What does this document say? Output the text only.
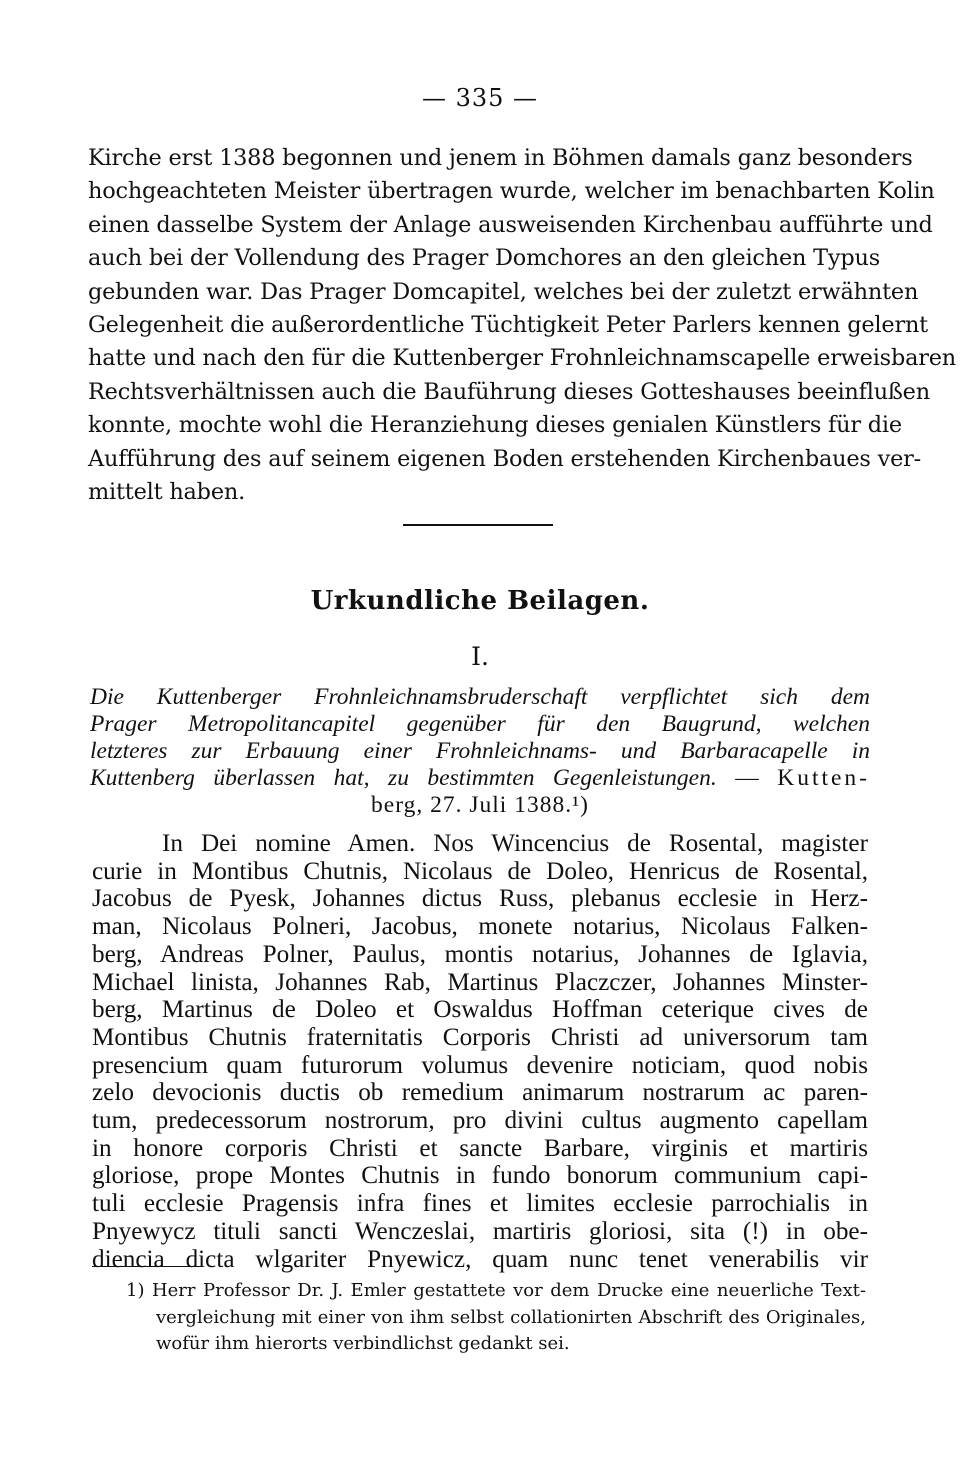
— 335 —
Kirche erst 1388 begonnen und jenem in Böhmen damals ganz besonders
hochgeachteten Meister übertragen wurde, welcher im benachbarten Kolin
einen dasselbe System der Anlage ausweisenden Kirchenbau aufführte und
auch bei der Vollendung des Prager Domchores an den gleichen Typus
gebunden war. Das Prager Domcapitel, welches bei der zuletzt erwähnten
Gelegenheit die außerordentliche Tüchtigkeit Peter Parlers kennen gelernt
hatte und nach den für die Kuttenberger Frohnleichnamscapelle erweisbaren
Rechtsverhältnissen auch die Bauführung dieses Gotteshauses beeinflußen
konnte, mochte wohl die Heranziehung dieses genialen Künstlers für die
Aufführung des auf seinem eigenen Boden erstehenden Kirchenbaues ver-
mittelt haben.
Urkundliche Beilagen.
I.
Die Kuttenberger Frohnleichnamsbruderschaft verpflichtet sich dem
Prager Metropolitancapitel gegenüber für den Baugrund, welchen
letzteres zur Erbauung einer Frohnleichnams- und Barbaracapelle in
Kuttenberg überlassen hat, zu bestimmten Gegenleistungen. — Kutten-
berg, 27. Juli 1388.¹)
In Dei nomine Amen. Nos Wincencius de Rosental, magister
curie in Montibus Chutnis, Nicolaus de Doleo, Henricus de Rosental,
Jacobus de Pyesk, Johannes dictus Russ, plebanus ecclesie in Herz-
man, Nicolaus Polneri, Jacobus, monete notarius, Nicolaus Falken-
berg, Andreas Polner, Paulus, montis notarius, Johannes de Iglavia,
Michael linista, Johannes Rab, Martinus Placzczer, Johannes Minster-
berg, Martinus de Doleo et Oswaldus Hoffman ceterique cives de
Montibus Chutnis fraternitatis Corporis Christi ad universorum tam
presencium quam futurorum volumus devenire noticiam, quod nobis
zelo devocionis ductis ob remedium animarum nostrarum ac paren-
tum, predecessorum nostrorum, pro divini cultus augmento capellam
in honore corporis Christi et sancte Barbare, virginis et martiris
gloriose, prope Montes Chutnis in fundo bonorum communium capi-
tuli ecclesie Pragensis infra fines et limites ecclesie parrochialis in
Pnyewycz tituli sancti Wenczeslai, martiris gloriosi, sita (!) in obe-
diencia dicta wlgariter Pnyewicz, quam nunc tenet venerabilis vir
1) Herr Professor Dr. J. Emler gestattete vor dem Drucke eine neuerliche Text-
vergleichung mit einer von ihm selbst collationirten Abschrift des Originales,
wofür ihm hierorts verbindlichst gedankt sei.
